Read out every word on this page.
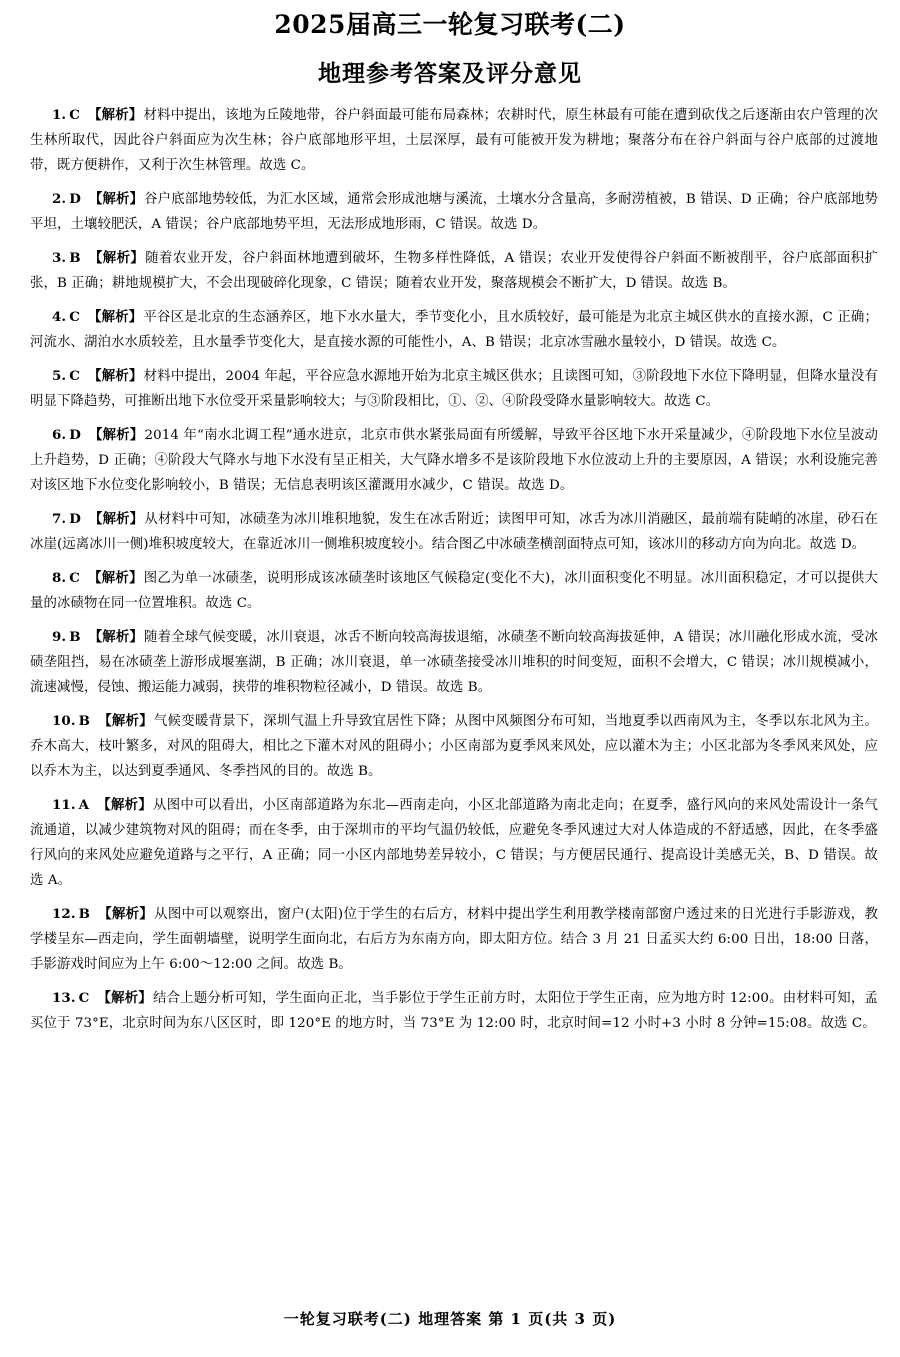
2025届高三一轮复习联考(二)
地理参考答案及评分意见

1. C 【解析】材料中提出，该地为丘陵地带，谷户斜面最可能布局森林；农耕时代，原生林最有可能在遭到砍伐之后逐渐由农户管理的次生林所取代，因此谷户斜面应为次生林；谷户底部地形平坦，土层深厚，最有可能被开发为耕地；聚落分布在谷户斜面与谷户底部的过渡地带，既方便耕作，又利于次生林管理。故选 C。

2. D 【解析】谷户底部地势较低，为汇水区域，通常会形成池塘与溪流，土壤水分含量高，多耐涝植被，B 错误、D 正确；谷户底部地势平坦，土壤较肥沃，A 错误；谷户底部地势平坦，无法形成地形雨，C 错误。故选 D。

3. B 【解析】随着农业开发，谷户斜面林地遭到破坏，生物多样性降低，A 错误；农业开发使得谷户斜面不断被削平，谷户底部面积扩张，B 正确；耕地规模扩大，不会出现破碎化现象，C 错误；随着农业开发，聚落规模会不断扩大，D 错误。故选 B。

4. C 【解析】平谷区是北京的生态涵养区，地下水水量大，季节变化小，且水质较好，最可能是为北京主城区供水的直接水源，C 正确；河流水、湖泊水水质较差，且水量季节变化大，是直接水源的可能性小，A、B 错误；北京冰雪融水量较小，D 错误。故选 C。

5. C 【解析】材料中提出，2004 年起，平谷应急水源地开始为北京主城区供水；且读图可知，③阶段地下水位下降明显，但降水量没有明显下降趋势，可推断出地下水位受开采量影响较大；与③阶段相比，①、②、④阶段受降水量影响较大。故选 C。

6. D 【解析】2014 年“南水北调工程”通水进京，北京市供水紧张局面有所缓解，导致平谷区地下水开采量减少，④阶段地下水位呈波动上升趋势，D 正确；④阶段大气降水与地下水没有呈正相关，大气降水增多不是该阶段地下水位波动上升的主要原因，A 错误；水利设施完善对该区地下水位变化影响较小，B 错误；无信息表明该区灌溉用水减少，C 错误。故选 D。

7. D 【解析】从材料中可知，冰碛垄为冰川堆积地貌，发生在冰舌附近；读图甲可知，冰舌为冰川消融区，最前端有陡峭的冰崖，砂石在冰崖(远离冰川一侧)堆积坡度较大，在靠近冰川一侧堆积坡度较小。结合图乙中冰碛垄横剖面特点可知，该冰川的移动方向为向北。故选 D。

8. C 【解析】图乙为单一冰碛垄，说明形成该冰碛垄时该地区气候稳定(变化不大)，冰川面积变化不明显。冰川面积稳定，才可以提供大量的冰碛物在同一位置堆积。故选 C。

9. B 【解析】随着全球气候变暖，冰川衰退，冰舌不断向较高海拔退缩，冰碛垄不断向较高海拔延伸，A 错误；冰川融化形成水流，受冰碛垄阻挡，易在冰碛垄上游形成堰塞湖，B 正确；冰川衰退，单一冰碛垄接受冰川堆积的时间变短，面积不会增大，C 错误；冰川规模减小，流速减慢，侵蚀、搬运能力减弱，挟带的堆积物粒径减小，D 错误。故选 B。

10. B 【解析】气候变暖背景下，深圳气温上升导致宜居性下降；从图中风频图分布可知，当地夏季以西南风为主，冬季以东北风为主。乔木高大，枝叶繁多，对风的阻碍大，相比之下灌木对风的阻碍小；小区南部为夏季风来风处，应以灌木为主；小区北部为冬季风来风处，应以乔木为主，以达到夏季通风、冬季挡风的目的。故选 B。

11. A 【解析】从图中可以看出，小区南部道路为东北—西南走向，小区北部道路为南北走向；在夏季，盛行风向的来风处需设计一条气流通道，以减少建筑物对风的阻碍；而在冬季，由于深圳市的平均气温仍较低，应避免冬季风速过大对人体造成的不舒适感，因此，在冬季盛行风向的来风处应避免道路与之平行，A 正确；同一小区内部地势差异较小，C 错误；与方便居民通行、提高设计美感无关，B、D 错误。故选 A。

12. B 【解析】从图中可以观察出，窗户(太阳)位于学生的右后方，材料中提出学生利用教学楼南部窗户透过来的日光进行手影游戏，教学楼呈东—西走向，学生面朝墙壁，说明学生面向北，右后方为东南方向，即太阳方位。结合 3 月 21 日孟买大约 6:00 日出，18:00 日落，手影游戏时间应为上午 6:00～12:00 之间。故选 B。

13. C 【解析】结合上题分析可知，学生面向正北，当手影位于学生正前方时，太阳位于学生正南，应为地方时 12:00。由材料可知，孟买位于 73°E，北京时间为东八区区时，即 120°E 的地方时，当 73°E 为 12:00 时，北京时间=12 小时+3 小时 8 分钟=15:08。故选 C。

一轮复习联考(二) 地理答案 第 1 页(共 3 页)
